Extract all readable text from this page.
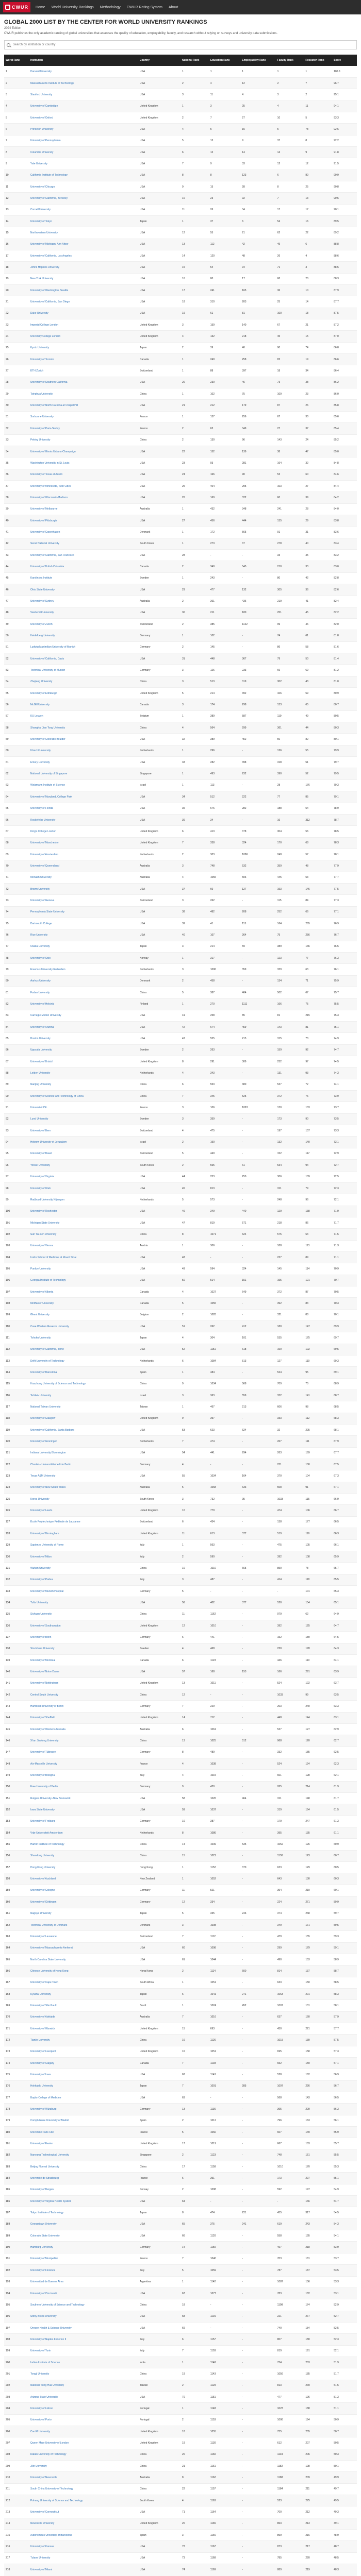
CWUR Home World University Rankings Methodology CWUR Rating System About
GLOBAL 2000 LIST BY THE CENTER FOR WORLD UNIVERSITY RANKINGS

2024 Edition

CWUR publishes the only academic ranking of global universities that assesses the quality of education, employability, faculty, and research without relying on surveys and university data submissions.

Search by institution or country
World Rank	Institution	Country	National Rank	Education Rank	Employability Rank	Faculty Rank	Research Rank	Score
1	Harvard University	USA	1	1	1	1	1	100.0
2	Massachusetts Institute of Technology	USA	2	4	12	2	7	96.7
3	Stanford University	USA	3	11	4	3	2	95.1
4	University of Cambridge	United Kingdom	1	3	25	4	11	94.1
5	University of Oxford	United Kingdom	2	7	27	10	5	93.3
6	Princeton University	USA	4	5	15	5	78	92.6
7	University of Pennsylvania	USA	5	13	9	37	8	92.2
8	Columbia University	USA	6	12	14	14	9	91.8
9	Yale University	USA	7	9	33	12	12	91.5
10	California Institute of Technology	USA	8	8	123	6	80	90.9
11	University of Chicago	USA	9	15	28	8	25	90.8
12	University of California, Berkeley	USA	10	23	92	7	13	90.5
13	Cornell University	USA	11	26	34	17	17	90.1
14	University of Tokyo	Japan	1	37	6	54	16	89.5
15	Northwestern University	USA	12	55	21	62	22	89.2
16	University of Michigan, Ann Arbor	USA	13	112	42	49	6	88.8
17	University of California, Los Angeles	USA	14	120	48	26	4	88.6
18	Johns Hopkins University	USA	15	54	94	71	3	88.5
19	New York University	USA	16	80	17	68	20	88.3
20	University of Washington, Seattle	USA	17	241	165	36	10	87.9
21	University of California, San Diego	USA	18	310	203	25	14	87.7
22	Duke University	USA	19	61	81	100	18	87.5
23	Imperial College London	United Kingdom	3	159	140	67	21	87.2
24	University College London	United Kingdom	4	132	218	45	15	87.0
25	Kyoto University	Japan	2	39	40	90	74	86.8
26	University of Toronto	Canada	1	240	258	82	19	86.6
27	ETH Zurich	Switzerland	1	88	397	18	34	86.4
28	University of Southern California	USA	20	230	46	73	38	86.2
29	Tsinghua University	China	1	102	75	109	23	86.0
30	University of North Carolina at Chapel Hill	USA	21	212	179	87	26	85.8
31	Sorbonne University	France	1	137	256	67	30	85.6
32	University of Paris-Saclay	France	2	63	349	27	37	85.4
33	Peking University	China	2	130	96	143	24	85.2
34	University of Illinois Urbana-Champaign	USA	22	152	139	38	47	85.0
35	Washington University in St. Louis	USA	23	93	281	164	32	84.8
36	University of Texas at Austin	USA	24	166	90	53	60	84.6
37	University of Minnesota, Twin Cities	USA	25	404	295	103	27	84.4
38	University of Wisconsin-Madison	USA	26	169	322	60	39	84.2
39	University of Melbourne	Australia	1	432	348	241	28	84.0
40	University of Pittsburgh	USA	27	456	444	135	29	83.8
41	University of Copenhagen	Denmark	1	172	565	91	31	83.6
42	Seoul National University	South Korea	1	273	37	278	40	83.4
43	University of California, San Francisco	USA	28	-	-	33	35	83.2
44	University of British Columbia	Canada	2	340	545	210	33	83.0
45	Karolinska Institute	Sweden	1	243	-	80	42	82.8
46	Ohio State University	USA	29	477	132	305	36	82.6
47	University of Sydney	Australia	2	361	436	219	41	82.4
48	Vanderbilt University	USA	30	211	180	251	45	82.2
49	University of Zurich	Switzerland	2	385	1122	99	46	82.0
50	Heidelberg University	Germany	1	102	-	74	61	81.8
51	Ludwig Maximilian University of Munich	Germany	2	145	-	86	58	81.6
52	University of California, Davis	USA	31	448	367	79	50	81.4
53	Technical University of Munich	Germany	3	126	233	66	69	81.2
54	Zhejiang University	China	3	513	319	302	43	81.0
55	University of Edinburgh	United Kingdom	5	214	392	106	59	80.9
56	McGill University	Canada	3	174	298	133	65	80.7
57	KU Leuven	Belgium	1	389	587	119	49	80.5
58	Shanghai Jiao Tong University	China	4	564	299	361	44	80.3
59	University of Colorado Boulder	USA	32	389	452	50	82	80.1
60	Utrecht University	Netherlands	1	296	-	126	55	79.9
61	Emory University	USA	33	282	398	318	51	79.7
62	National University of Singapore	Singapore	1	493	232	390	52	79.5
63	Weizmann Institute of Science	Israel	1	113	-	28	176	79.3
64	University of Maryland, College Park	USA	34	512	222	77	85	79.1
65	University of Florida	USA	35	676	282	188	54	78.9
66	Rockefeller University	USA	36	34	-	16	312	78.7
67	King's College London	United Kingdom	6	413	378	304	56	78.5
68	University of Manchester	United Kingdom	7	338	324	170	68	78.3
69	University of Amsterdam	Netherlands	2	303	1086	248	57	78.1
70	University of Queensland	Australia	3	748	532	359	48	77.9
71	Monash University	Australia	4	1055	506	445	53	77.7
72	Brown University	USA	37	60	127	193	146	77.5
73	University of Geneva	Switzerland	3	262	-	115	84	77.3
74	Pennsylvania State University	USA	38	482	208	252	66	77.1
75	Dartmouth College	USA	39	41	115	164	265	76.9
76	Rice University	USA	40	107	264	75	256	76.7
77	Osaka University	Japan	3	214	59	389	136	76.5
78	University of Oslo	Norway	1	317	-	123	77	76.3
79	Erasmus University Rotterdam	Netherlands	3	1006	359	339	63	76.1
80	Aarhus University	Denmark	2	458	-	134	71	75.9
81	Fudan University	China	5	387	464	502	67	75.7
82	University of Helsinki	Finland	1	270	1111	166	75	75.5
83	Carnegie Mellon University	USA	41	258	85	81	215	75.3
84	University of Arizona	USA	42	674	459	143	81	75.1
85	Boston University	USA	43	555	215	315	73	74.9
86	Uppsala University	Sweden	2	263	-	159	92	74.7
87	University of Bristol	United Kingdom	8	291	309	232	97	74.5
88	Leiden University	Netherlands	4	343	-	131	93	74.3
89	Nanjing University	China	6	553	380	537	72	74.1
90	University of Science and Technology of China	China	7	345	525	372	76	73.9
91	Université PSL	France	3	106	1093	130	103	73.7
92	Lund University	Sweden	3	359	-	173	90	73.5
93	University of Bern	Switzerland	4	475	-	197	107	73.3
94	Hebrew University of Jerusalem	Israel	2	190	-	132	140	73.1
95	University of Basel	Switzerland	5	449	-	152	117	72.9
96	Yonsei University	South Korea	2	565	61	534	94	72.7
97	University of Virginia	USA	44	253	250	306	109	72.5
98	University of Utah	USA	45	813	-	311	79	72.3
99	Radboud University Nijmegen	Netherlands	5	573	-	248	96	72.1
100	University of Rochester	USA	46	349	440	129	138	71.9
101	Michigan State University	USA	47	819	571	218	86	71.7
102	Sun Yat-sen University	China	8	1071	624	575	64	71.5
103	University of Vienna	Austria	1	306	-	188	113	71.3
104	Icahn School of Medicine at Mount Sinai	USA	48	-	-	227	89	71.1
105	Purdue University	USA	49	594	324	145	114	70.9
106	Georgia Institute of Technology	USA	50	514	151	195	121	70.7
107	University of Alberta	Canada	4	1027	649	372	87	70.5
108	McMaster University	Canada	5	1055	-	392	83	70.3
109	Ghent University	Belgium	2	1028	-	321	88	70.1
110	Case Western Reserve University	USA	51	262	412	180	147	69.9
111	Tohoku University	Japan	4	304	101	535	175	69.7
112	University of California, Irvine	USA	52	1151	618	160	102	69.5
113	Delft University of Technology	Netherlands	6	1084	513	127	119	69.3
114	University of Barcelona	Spain	1	484	-	524	95	69.1
115	Huazhong University of Science and Technology	China	9	1034	568	709	70	68.9
116	Tel Aviv University	Israel	3	363	559	332	141	68.7
117	National Taiwan University	Taiwan	1	467	213	606	98	68.5
118	University of Glasgow	United Kingdom	9	397	-	333	112	68.3
119	University of California, Santa Barbara	USA	53	623	624	32	225	68.1
120	University of Groningen	Netherlands	7	474	-	267	111	67.9
121	Indiana University Bloomington	USA	54	441	294	263	169	67.7
122	Charité – Universitätsmedizin Berlin	Germany	4	-	-	231	100	67.5
123	Texas A&M University	USA	55	1034	164	370	104	67.3
124	University of New South Wales	Australia	5	1068	633	508	91	67.1
125	Korea University	South Korea	3	732	95	1033	115	66.9
126	University of Leeds	United Kingdom	10	779	-	474	106	66.7
127	École Polytechnique Fédérale de Lausanne	Switzerland	6	434	-	138	177	66.5
128	University of Birmingham	United Kingdom	11	613	377	519	116	66.3
129	Sapienza University of Rome	Italy	1	563	-	475	105	66.1
130	University of Milan	Italy	2	590	-	392	108	65.9
131	Wuhan University	China	10	1010	665	850	78	65.7
132	University of Padua	Italy	3	487	-	414	118	65.5
133	University of Munich Hospital	Germany	5	-	-	-	101	65.3
134	Tufts University	USA	56	402	377	520	154	65.1
135	Sichuan University	China	11	1162	-	979	62	64.9
136	University of Southampton	United Kingdom	12	1010	-	392	125	64.7
137	University of Bonn	Germany	6	441	-	152	189	64.5
138	Stockholm University	Sweden	4	468	-	220	178	64.3
139	University of Montreal	Canada	6	1123	-	446	110	64.1
140	University of Notre Dame	USA	57	168	153	166	291	63.9
141	University of Nottingham	United Kingdom	13	1011	-	524	122	63.7
142	Central South University	China	12	-	-	1033	99	63.5
143	Humboldt University of Berlin	Germany	7	229	-	203	240	63.3
144	University of Sheffield	United Kingdom	14	712	-	448	144	63.1
145	University of Western Australia	Australia	6	1061	-	537	127	62.9
146	Xi'an Jiaotong University	China	13	1025	512	968	120	62.7
147	University of Tübingen	Germany	8	489	-	332	185	62.5
148	Aix-Marseille University	France	4	1038	-	524	124	62.3
149	University of Bologna	Italy	4	1015	-	601	128	62.1
150	Free University of Berlin	Germany	9	420	-	265	214	61.9
151	Rutgers University–New Brunswick	USA	58	1026	464	311	148	61.7
152	Iowa State University	USA	59	1037	-	319	164	61.5
153	University of Freiburg	Germany	10	387	-	179	247	61.3
154	Vrije Universiteit Amsterdam	Netherlands	8	1086	-	395	135	61.1
155	Harbin Institute of Technology	China	14	1039	535	1052	126	60.9
156	Shandong University	China	15	1021	-	1130	123	60.7
157	Hong Kong University	Hong Kong	1	1152	370	633	129	60.5
158	University of Auckland	New Zealand	1	1052	-	643	130	60.3
159	University of Cologne	Germany	11	521	-	394	210	60.1
160	University of Göttingen	Germany	12	334	-	224	271	59.9
161	Nagoya University	Japan	5	335	246	374	268	59.7
162	Technical University of Denmark	Denmark	3	1008	-	349	171	59.5
163	University of Lausanne	Switzerland	7	1112	-	479	155	59.3
164	University of Massachusetts Amherst	USA	60	1098	-	299	179	59.1
165	North Carolina State University	USA	61	1044	-	490	153	58.9
166	Chinese University of Hong Kong	Hong Kong	2	1114	600	814	137	58.7
167	University of Cape Town	South Africa	1	1051	-	633	150	58.5
168	Kyushu University	Japan	6	1041	271	1063	201	58.3
169	University of São Paulo	Brazil	1	1024	452	1007	131	58.1
170	University of Adelaide	Australia	7	1016	-	637	160	57.9
171	University of Warwick	United Kingdom	15	693	-	430	221	57.7
172	Tianjin University	China	16	1126	-	1015	139	57.5
173	University of Liverpool	United Kingdom	16	1051	-	695	158	57.3
174	University of Calgary	Canada	7	1103	-	652	159	57.1
175	University of Iowa	USA	62	1143	-	528	162	56.9
176	Hokkaido University	Japan	7	1091	285	1097	226	56.7
177	Baylor College of Medicine	USA	63	-	-	568	143	56.5
178	University of Würzburg	Germany	13	1136	-	365	229	56.3
179	Complutense University of Madrid	Spain	2	1012	-	796	163	56.1
180	Université Paris Cité	France	5	1060	-	607	149	55.9
181	University of Exeter	United Kingdom	17	1019	-	667	183	55.7
182	Nanyang Technological University	Singapore	2	1123	-	748	151	55.5
183	Beijing Normal University	China	17	1158	-	1010	170	55.3
184	Université de Strasbourg	France	6	391	-	173	297	55.1
185	University of Bergen	Norway	2	1098	-	592	197	54.9
186	University of Virginia Health System	USA	64	-	-	-	166	54.7
187	Tokyo Institute of Technology	Japan	8	474	221	435	317	54.5
188	Georgetown University	USA	65	375	241	619	243	54.3
189	Colorado State University	USA	66	1120	-	558	195	54.1
190	Hamburg University	Germany	14	1150	-	467	218	53.9
191	University of Montpellier	France	7	1040	-	703	181	53.7
192	University of Florence	Italy	5	1059	-	787	187	53.5
193	Universidad de Buenos Aires	Argentina	1	1142	-	1087	156	53.3
194	University of Cincinnati	USA	67	1077	-	783	182	53.1
195	Southern University of Science and Technology	China	18	-	-	1108	174	52.9
196	Stony Brook University	USA	68	1101	-	221	277	52.7
197	Oregon Health & Science University	USA	69	-	-	740	184	52.5
198	University of Naples Federico II	Italy	6	1157	-	807	180	52.3
199	University of Turin	Italy	7	1103	-	819	191	52.1
200	Indian Institute of Science	India	1	1148	-	734	203	51.9
201	Tongji University	China	19	1143	-	1056	185	51.7
202	National Tsing Hua University	Taiwan	2	1129	-	813	278	51.5
203	Arizona State University	USA	70	1151	-	477	196	51.3
204	University of Lisbon	Portugal	1	1148	-	1023	188	51.1
205	University of Porto	Portugal	2	1153	-	1006	194	50.9
206	Cardiff University	United Kingdom	18	1055	-	735	205	50.7
207	Queen Mary University of London	United Kingdom	19	1130	-	612	207	50.5
208	Dalian University of Technology	China	20	1160	-	1134	206	50.3
209	Jilin University	China	21	1161	-	1182	198	50.1
210	University of Newcastle	Australia	8	1162	-	1188	209	49.9
211	South China University of Technology	China	22	1157	-	1184	211	49.7
212	Pohang University of Science and Technology	South Korea	4	1163	-	523	275	49.5
213	University of Connecticut	USA	71	1164	-	700	212	49.3
214	Newcastle University	United Kingdom	20	1165	-	863	213	49.1
215	Autonomous University of Barcelona	Spain	3	1166	-	899	216	48.9
216	University of Kansas	USA	72	1167	-	873	217	48.7
217	Tulane University	USA	73	1168	-	785	220	48.5
218	University of Miami	USA	74	1169	-	889	219	48.3
